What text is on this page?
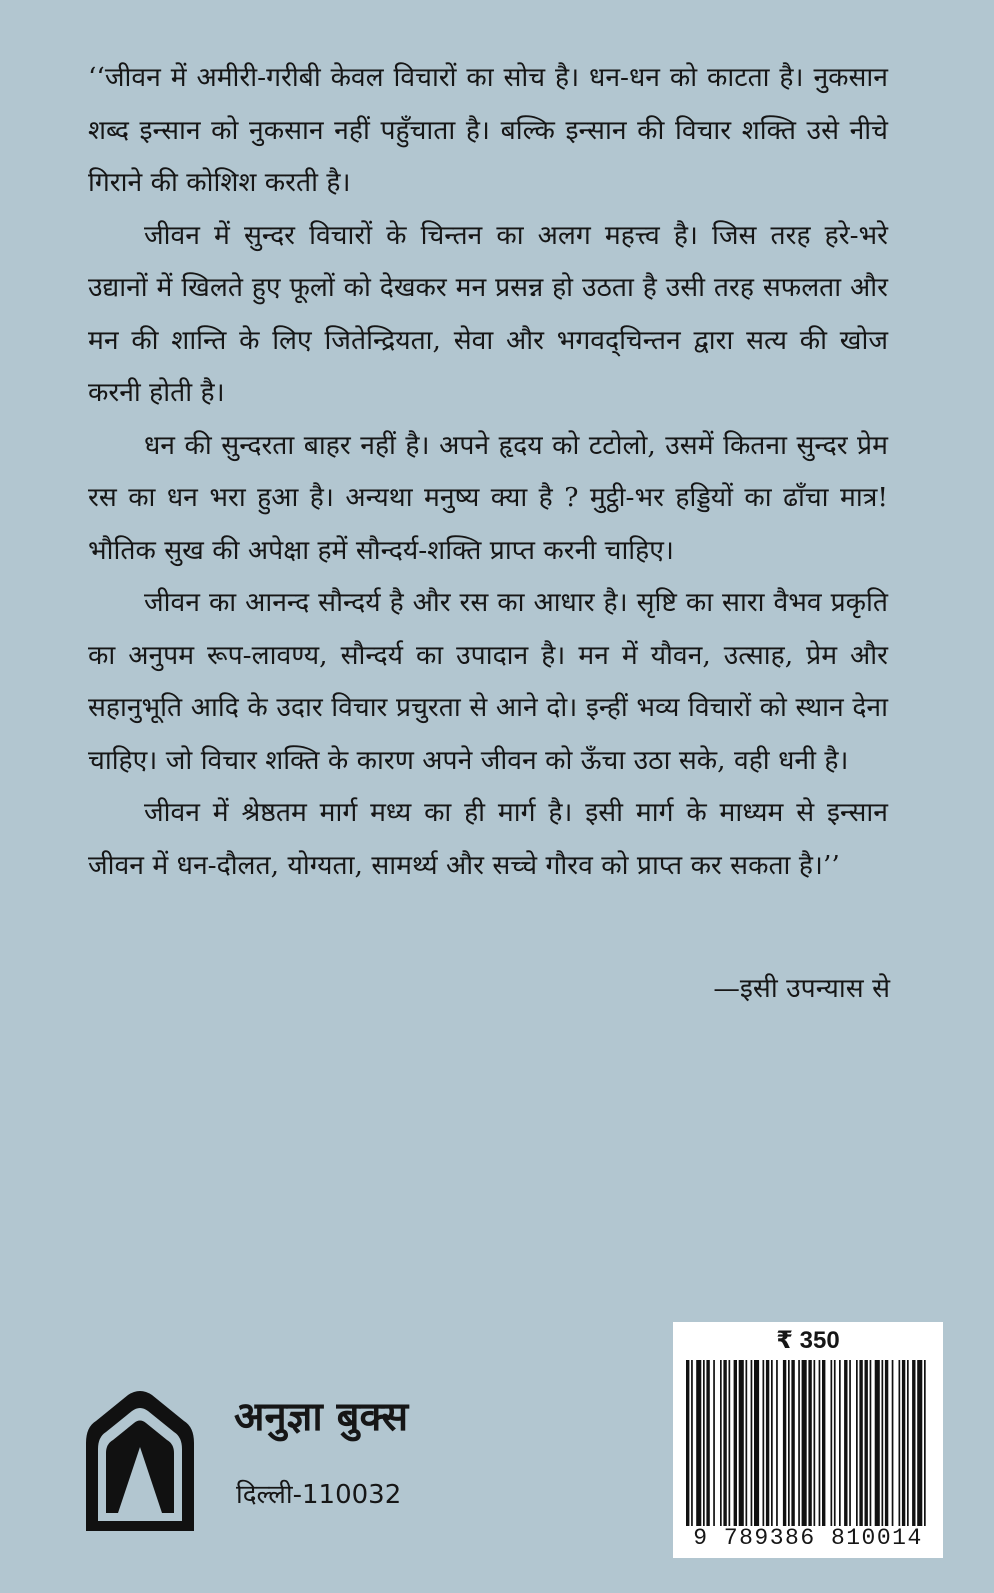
‘‘जीवन में अमीरी-गरीबी केवल विचारों का सोच है। धन-धन को काटता है। नुकसान शब्द इन्सान को नुकसान नहीं पहुँचाता है। बल्कि इन्सान की विचार शक्ति उसे नीचे गिराने की कोशिश करती है।

जीवन में सुन्दर विचारों के चिन्तन का अलग महत्त्व है। जिस तरह हरे-भरे उद्यानों में खिलते हुए फूलों को देखकर मन प्रसन्न हो उठता है उसी तरह सफलता और मन की शान्ति के लिए जितेन्द्रियता, सेवा और भगवद्चिन्तन द्वारा सत्य की खोज करनी होती है।

धन की सुन्दरता बाहर नहीं है। अपने हृदय को टटोलो, उसमें कितना सुन्दर प्रेम रस का धन भरा हुआ है। अन्यथा मनुष्य क्या है ? मुट्ठी-भर हड्डियों का ढाँचा मात्र! भौतिक सुख की अपेक्षा हमें सौन्दर्य-शक्ति प्राप्त करनी चाहिए।

जीवन का आनन्द सौन्दर्य है और रस का आधार है। सृष्टि का सारा वैभव प्रकृति का अनुपम रूप-लावण्य, सौन्दर्य का उपादान है। मन में यौवन, उत्साह, प्रेम और सहानुभूति आदि के उदार विचार प्रचुरता से आने दो। इन्हीं भव्य विचारों को स्थान देना चाहिए। जो विचार शक्ति के कारण अपने जीवन को ऊँचा उठा सके, वही धनी है।

जीवन में श्रेष्ठतम मार्ग मध्य का ही मार्ग है। इसी मार्ग के माध्यम से इन्सान जीवन में धन-दौलत, योग्यता, सामर्थ्य और सच्चे गौरव को प्राप्त कर सकता है।’’

—इसी उपन्यास से
अनुज्ञा बुक्स
दिल्ली-110032
₹ 350
9 789386 810014
